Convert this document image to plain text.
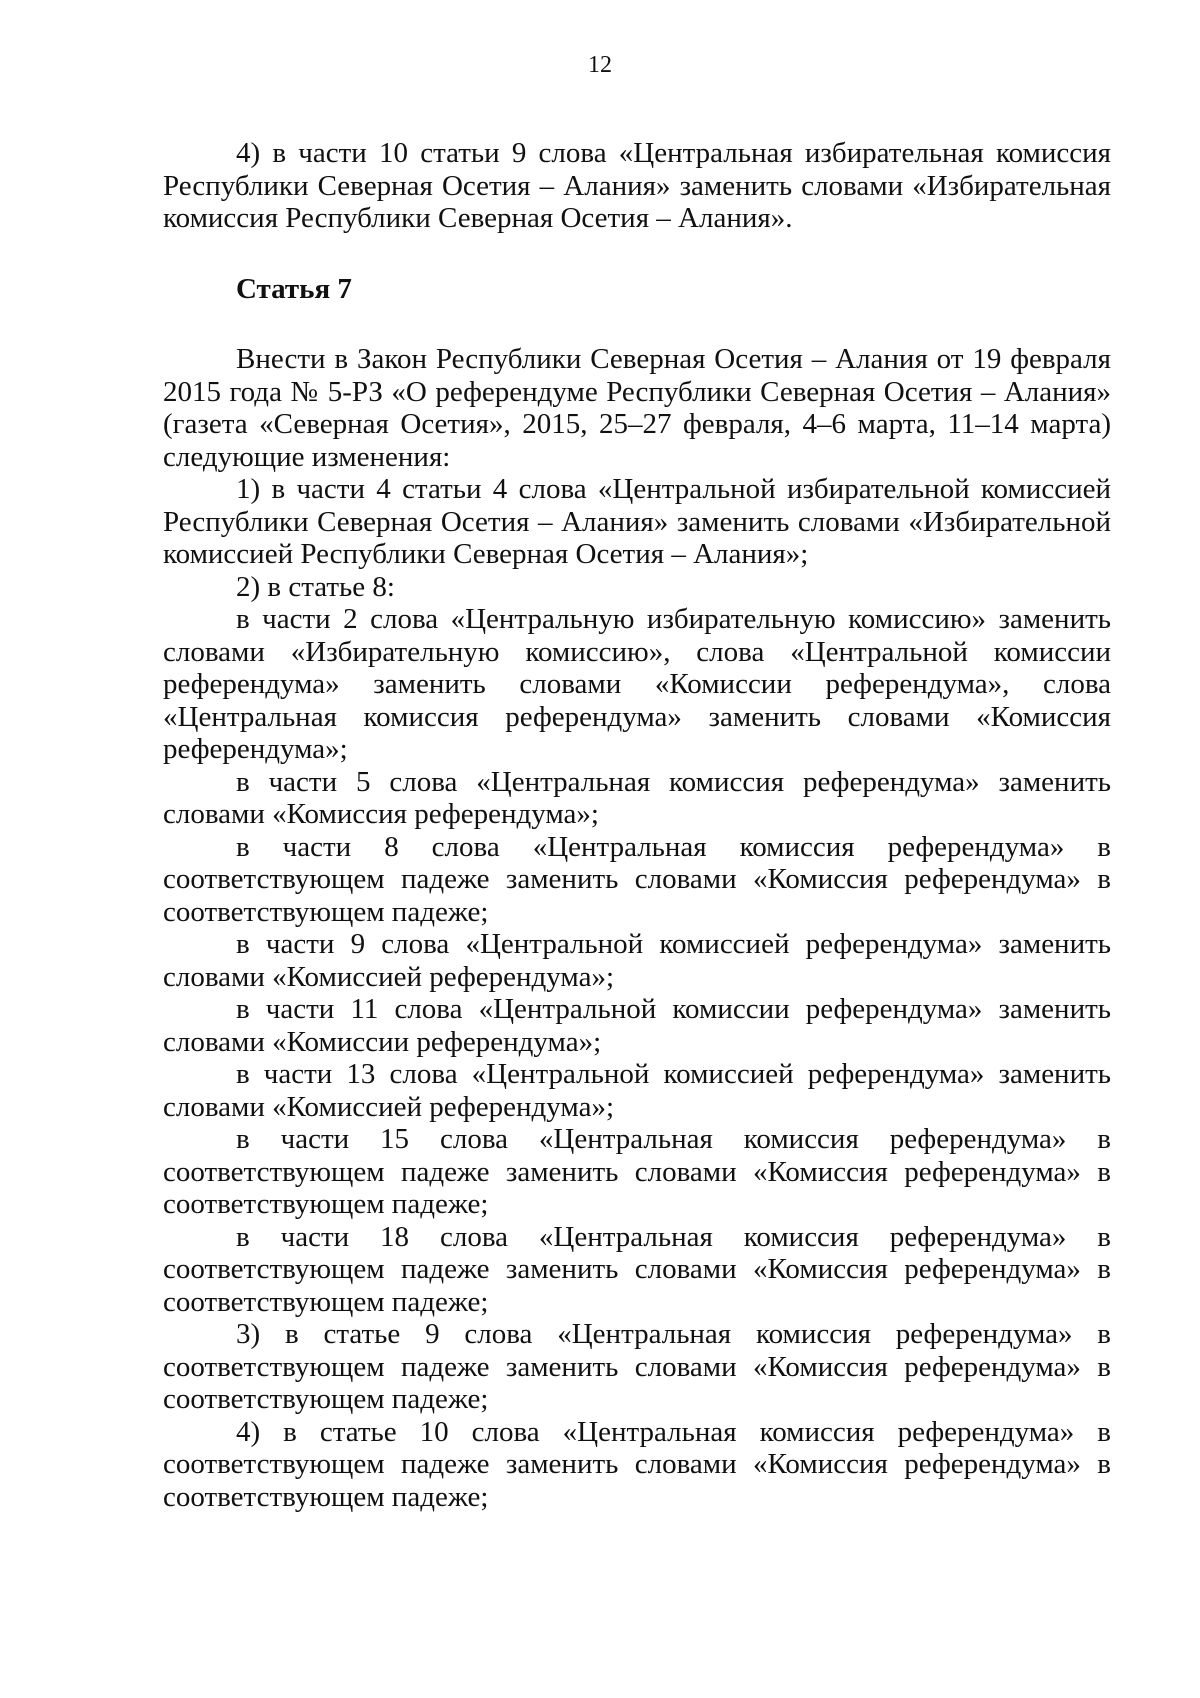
12

4) в части 10 статьи 9 слова «Центральная избирательная комиссия Республики Северная Осетия – Алания» заменить словами «Избирательная комиссия Республики Северная Осетия – Алания».

Статья 7

Внести в Закон Республики Северная Осетия – Алания от 19 февраля 2015 года № 5-РЗ «О референдуме Республики Северная Осетия – Алания» (газета «Северная Осетия», 2015, 25–27 февраля, 4–6 марта, 11–14 марта) следующие изменения:

1) в части 4 статьи 4 слова «Центральной избирательной комиссией Республики Северная Осетия – Алания» заменить словами «Избирательной комиссией Республики Северная Осетия – Алания»;

2) в статье 8:

в части 2 слова «Центральную избирательную комиссию» заменить словами «Избирательную комиссию», слова «Центральной комиссии референдума» заменить словами «Комиссии референдума», слова «Центральная комиссия референдума» заменить словами «Комиссия референдума»;

в части 5 слова «Центральная комиссия референдума» заменить словами «Комиссия референдума»;

в части 8 слова «Центральная комиссия референдума» в соответствующем падеже заменить словами «Комиссия референдума» в соответствующем падеже;

в части 9 слова «Центральной комиссией референдума» заменить словами «Комиссией референдума»;

в части 11 слова «Центральной комиссии референдума» заменить словами «Комиссии референдума»;

в части 13 слова «Центральной комиссией референдума» заменить словами «Комиссией референдума»;

в части 15 слова «Центральная комиссия референдума» в соответствующем падеже заменить словами «Комиссия референдума» в соответствующем падеже;

в части 18 слова «Центральная комиссия референдума» в соответствующем падеже заменить словами «Комиссия референдума» в соответствующем падеже;

3) в статье 9 слова «Центральная комиссия референдума» в соответствующем падеже заменить словами «Комиссия референдума» в соответствующем падеже;

4) в статье 10 слова «Центральная комиссия референдума» в соответствующем падеже заменить словами «Комиссия референдума» в соответствующем падеже;
